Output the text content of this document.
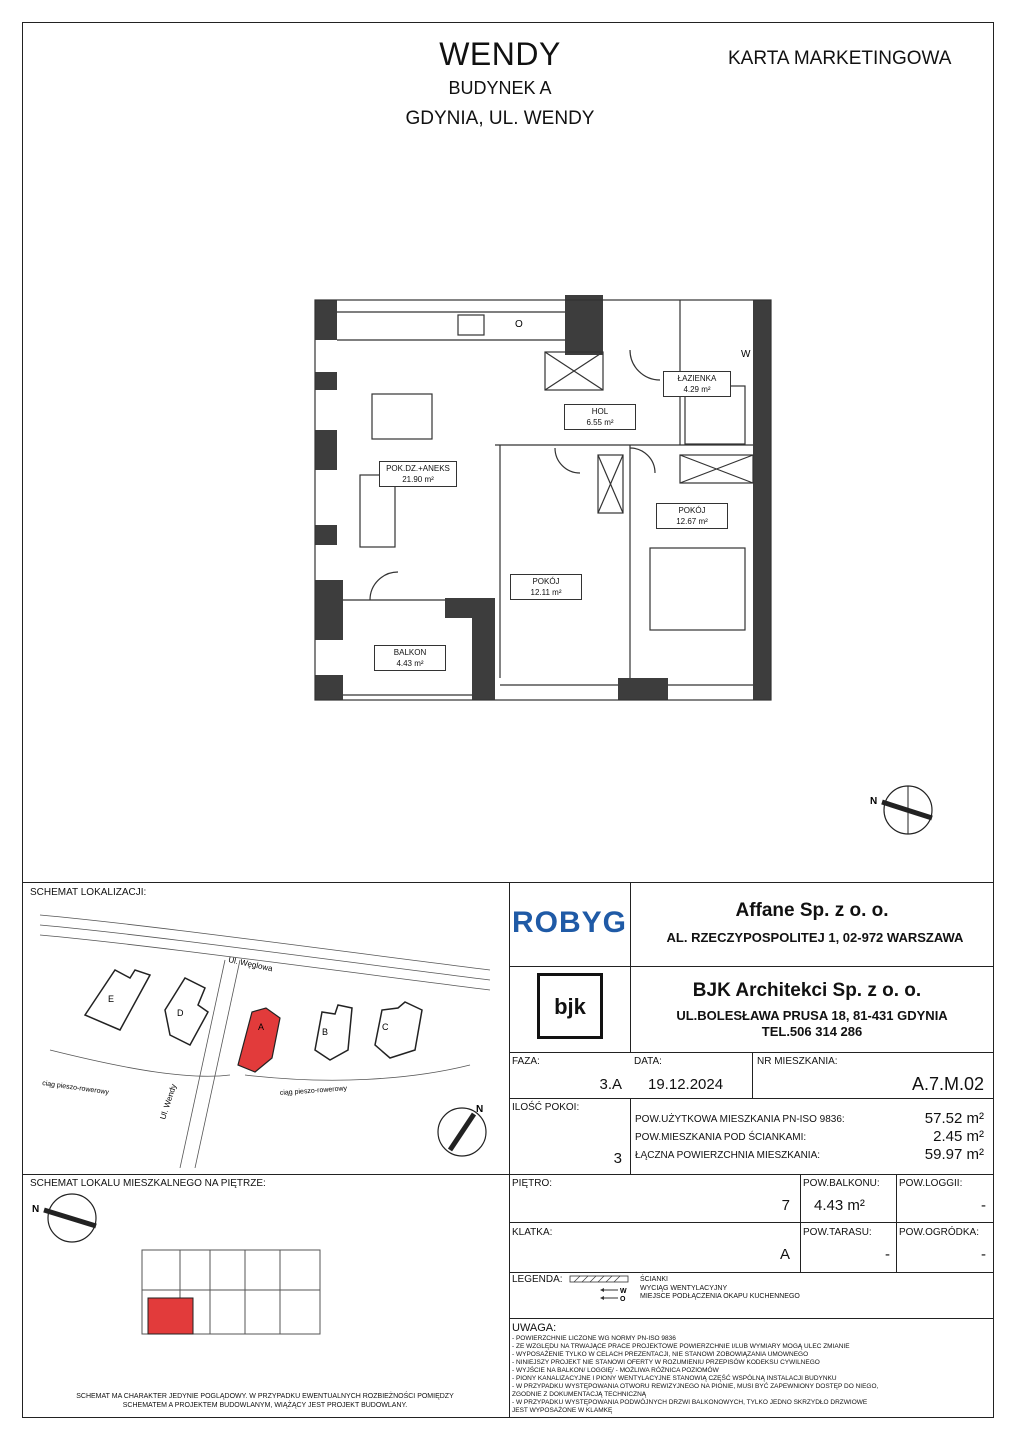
WENDY
BUDYNEK A
GDYNIA, UL. WENDY
KARTA MARKETINGOWA
W
O
ŁAZIENKA
4.29 m²
HOL
6.55 m²
POK.DZ.+ANEKS
21.90 m²
POKÓJ
12.67 m²
POKÓJ
12.11 m²
BALKON
4.43 m²
N
SCHEMAT LOKALIZACJI:
Ul. Węglowa
Ul. Wendy
ciąg pieszo-rowerowy	ciąg pieszo-rowerowy
E
D
A	B	C
N
SCHEMAT LOKALU MIESZKALNEGO NA PIĘTRZE:
N
SCHEMAT MA CHARAKTER JEDYNIE POGLĄDOWY. W PRZYPADKU EWENTUALNYCH ROZBIEŻNOŚCI POMIĘDZY
SCHEMATEM A PROJEKTEM BUDOWLANYM, WIĄŻĄCY JEST PROJEKT BUDOWLANY.
ROBYG	Affane Sp. z o. o.
AL. RZECZYPOSPOLITEJ 1, 02-972 WARSZAWA
bjk
BJK Architekci Sp. z o. o.
UL.BOLESŁAWA PRUSA 18, 81-431 GDYNIA
TEL.506 314 286
FAZA:
3.A
DATA:
19.12.2024
NR MIESZKANIA:
A.7.M.02
ILOŚĆ POKOI:
3
POW.UŻYTKOWA MIESZKANIA PN-ISO 9836:	57.52 m²
POW.MIESZKANIA POD ŚCIANKAMI:	2.45 m²
ŁĄCZNA POWIERZCHNIA MIESZKANIA:	59.97 m²
PIĘTRO:
7
POW.BALKONU:
4.43 m²
POW.LOGGII:
-
KLATKA:
A
POW.TARASU:
-
POW.OGRÓDKA:
-
LEGENDA:
W
O
ŚCIANKI
WYCIĄG WENTYLACYJNY
MIEJSCE PODŁĄCZENIA OKAPU KUCHENNEGO
UWAGA:
- POWIERZCHNIE LICZONE WG NORMY PN-ISO 9836
- ZE WZGLĘDU NA TRWAJĄCE PRACE PROJEKTOWE POWIERZCHNIE I/LUB WYMIARY MOGĄ ULEC ZMIANIE
- WYPOSAŻENIE TYLKO W CELACH PREZENTACJI, NIE STANOWI ZOBOWIĄZANIA UMOWNEGO
- NINIEJSZY PROJEKT NIE STANOWI OFERTY W ROZUMIENIU PRZEPISÓW KODEKSU CYWILNEGO
- WYJŚCIE NA BALKON/ LOGGIĘ/ - MOŻLIWA RÓŻNICA POZIOMÓW
- PIONY KANALIZACYJNE I PIONY WENTYLACYJNE STANOWIĄ CZĘŚĆ WSPÓLNĄ INSTALACJI BUDYNKU
- W PRZYPADKU WYSTĘPOWANIA OTWORU REWIZYJNEGO NA PIONIE, MUSI BYĆ ZAPEWNIONY DOSTĘP DO NIEGO,
ZGODNIE Z DOKUMENTACJĄ TECHNICZNĄ
- W PRZYPADKU WYSTĘPOWANIA PODWÓJNYCH DRZWI BALKONOWYCH, TYLKO JEDNO SKRZYDŁO DRZWIOWE
JEST WYPOSAŻONE W KLAMKĘ
